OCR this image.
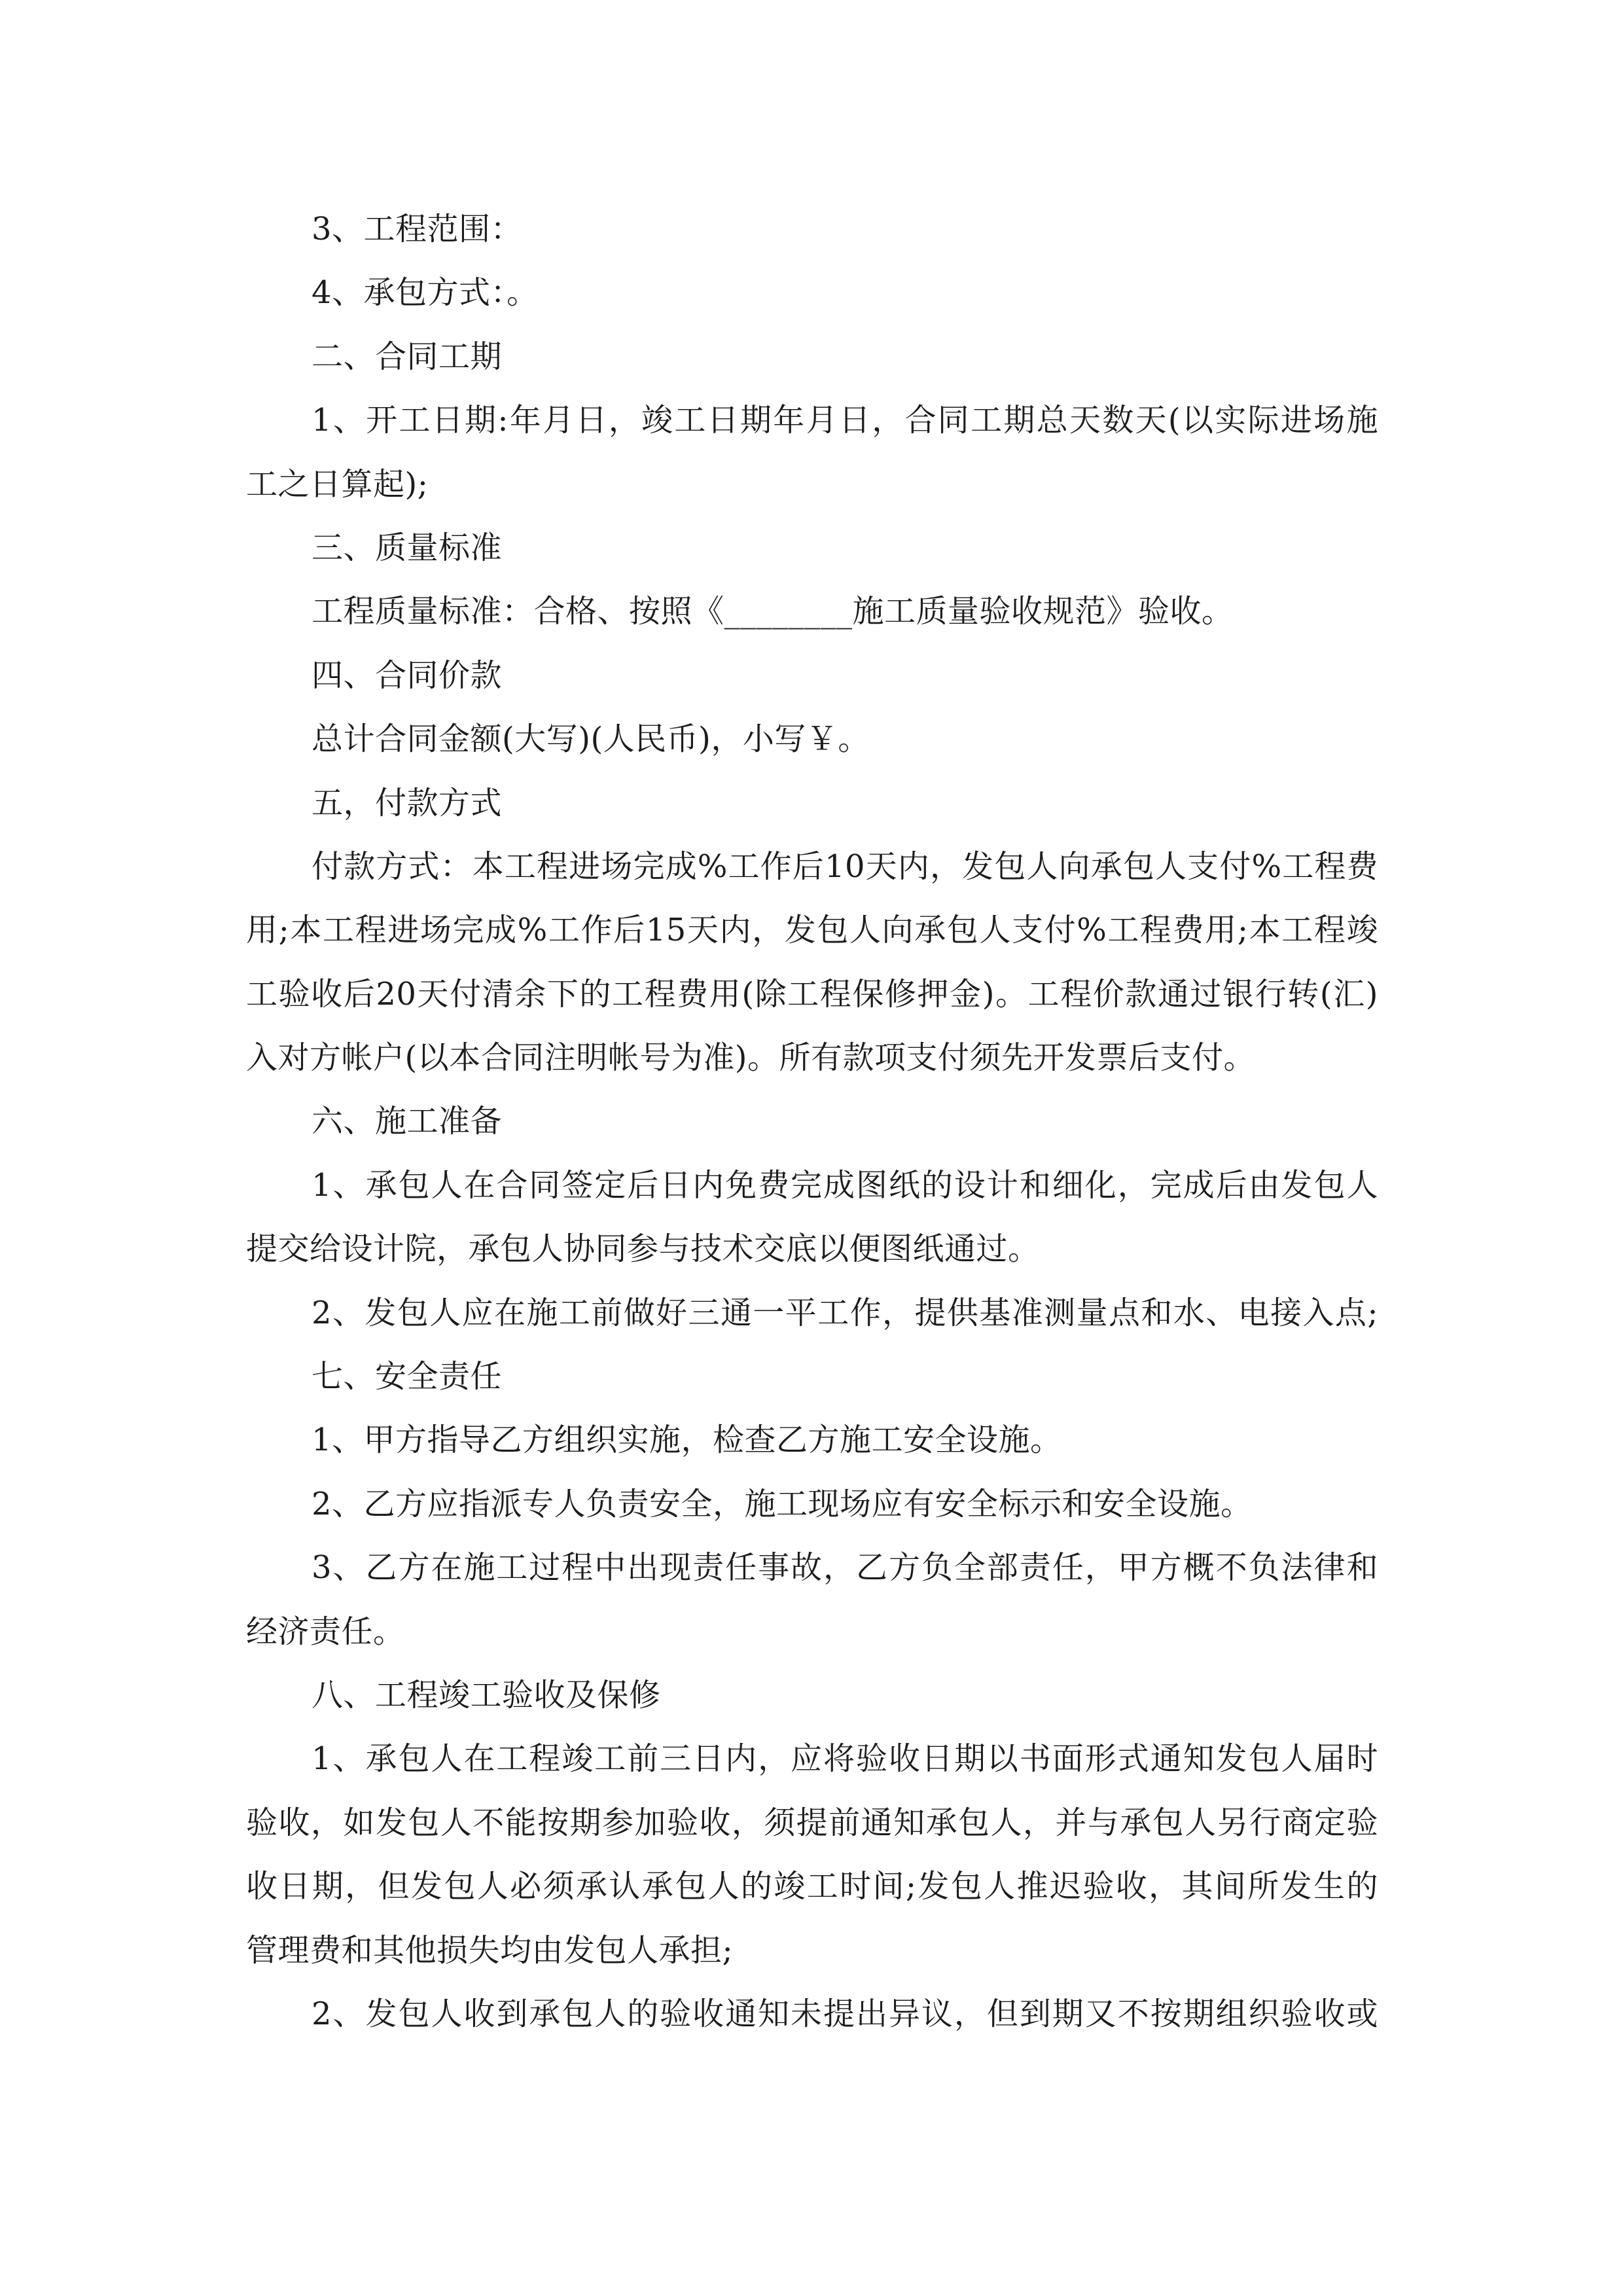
3、工程范围：
4、承包方式：。
二、合同工期
1、开工日期:年月日，竣工日期年月日，合同工期总天数天(以实际进场施
工之日算起);
三、质量标准
工程质量标准：合格、按照《________施工质量验收规范》验收。
四、合同价款
总计合同金额(大写)(人民币)，小写￥。
五，付款方式
付款方式：本工程进场完成%工作后10天内，发包人向承包人支付%工程费
用;本工程进场完成%工作后15天内，发包人向承包人支付%工程费用;本工程竣
工验收后20天付清余下的工程费用(除工程保修押金)。工程价款通过银行转(汇)
入对方帐户(以本合同注明帐号为准)。所有款项支付须先开发票后支付。
六、施工准备
1、承包人在合同签定后日内免费完成图纸的设计和细化，完成后由发包人
提交给设计院，承包人协同参与技术交底以便图纸通过。
2、发包人应在施工前做好三通一平工作，提供基准测量点和水、电接入点;
七、安全责任
1、甲方指导乙方组织实施，检查乙方施工安全设施。
2、乙方应指派专人负责安全，施工现场应有安全标示和安全设施。
3、乙方在施工过程中出现责任事故，乙方负全部责任，甲方概不负法律和
经济责任。
八、工程竣工验收及保修
1、承包人在工程竣工前三日内，应将验收日期以书面形式通知发包人届时
验收，如发包人不能按期参加验收，须提前通知承包人，并与承包人另行商定验
收日期，但发包人必须承认承包人的竣工时间;发包人推迟验收，其间所发生的
管理费和其他损失均由发包人承担;
2、发包人收到承包人的验收通知未提出异议，但到期又不按期组织验收或
